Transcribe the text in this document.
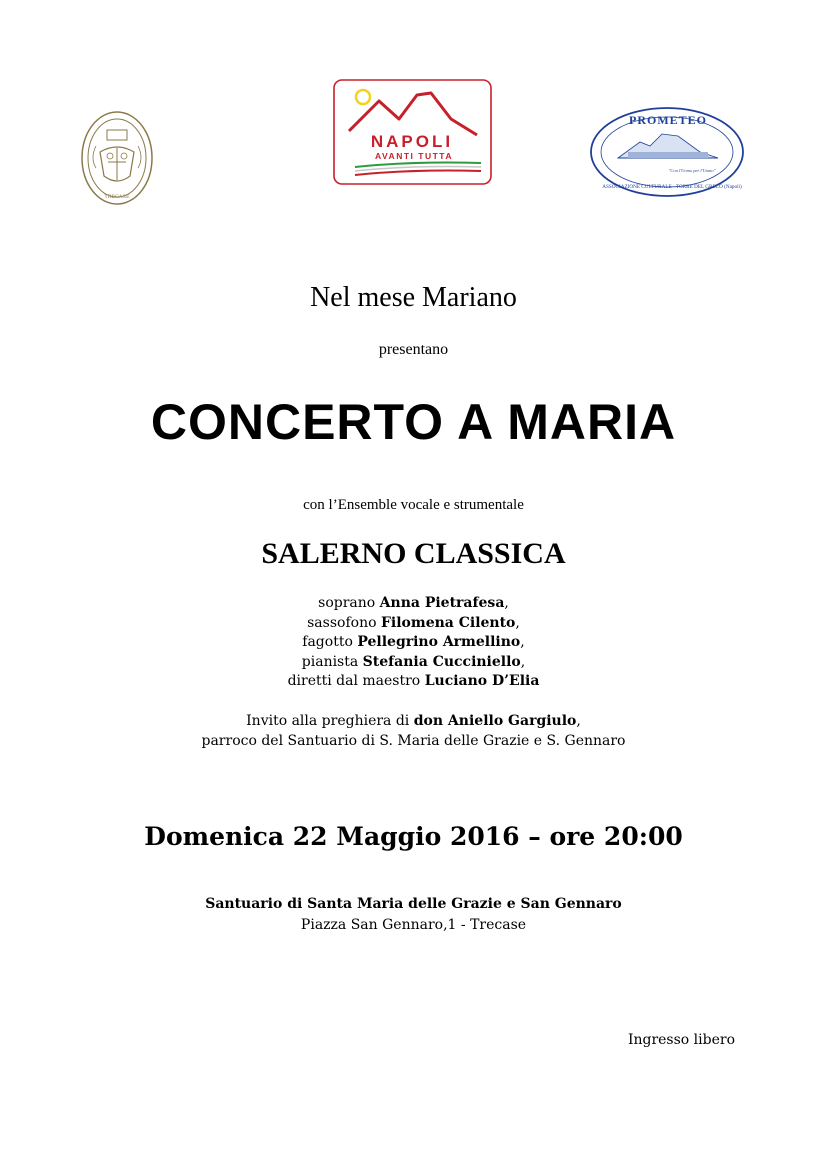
TRECASE
NAPOLI
AVANTI TUTTA
PROMETEO
"Con l'Uomo per l'Uomo"
ASSOCIAZIONE CULTURALE - TORRE DEL GRECO (Napoli)
Nel mese Mariano
presentano
CONCERTO A MARIA
con l’Ensemble vocale e strumentale
SALERNO CLASSICA
soprano Anna Pietrafesa,
sassofono Filomena Cilento,
fagotto Pellegrino Armellino,
pianista Stefania Cucciniello,
diretti dal maestro Luciano D’Elia
Invito alla preghiera di don Aniello Gargiulo,
parroco del Santuario di S. Maria delle Grazie e S. Gennaro
Domenica 22 Maggio 2016 – ore 20:00
Santuario di Santa Maria delle Grazie e San Gennaro
Piazza San Gennaro,1 - Trecase
Ingresso libero
